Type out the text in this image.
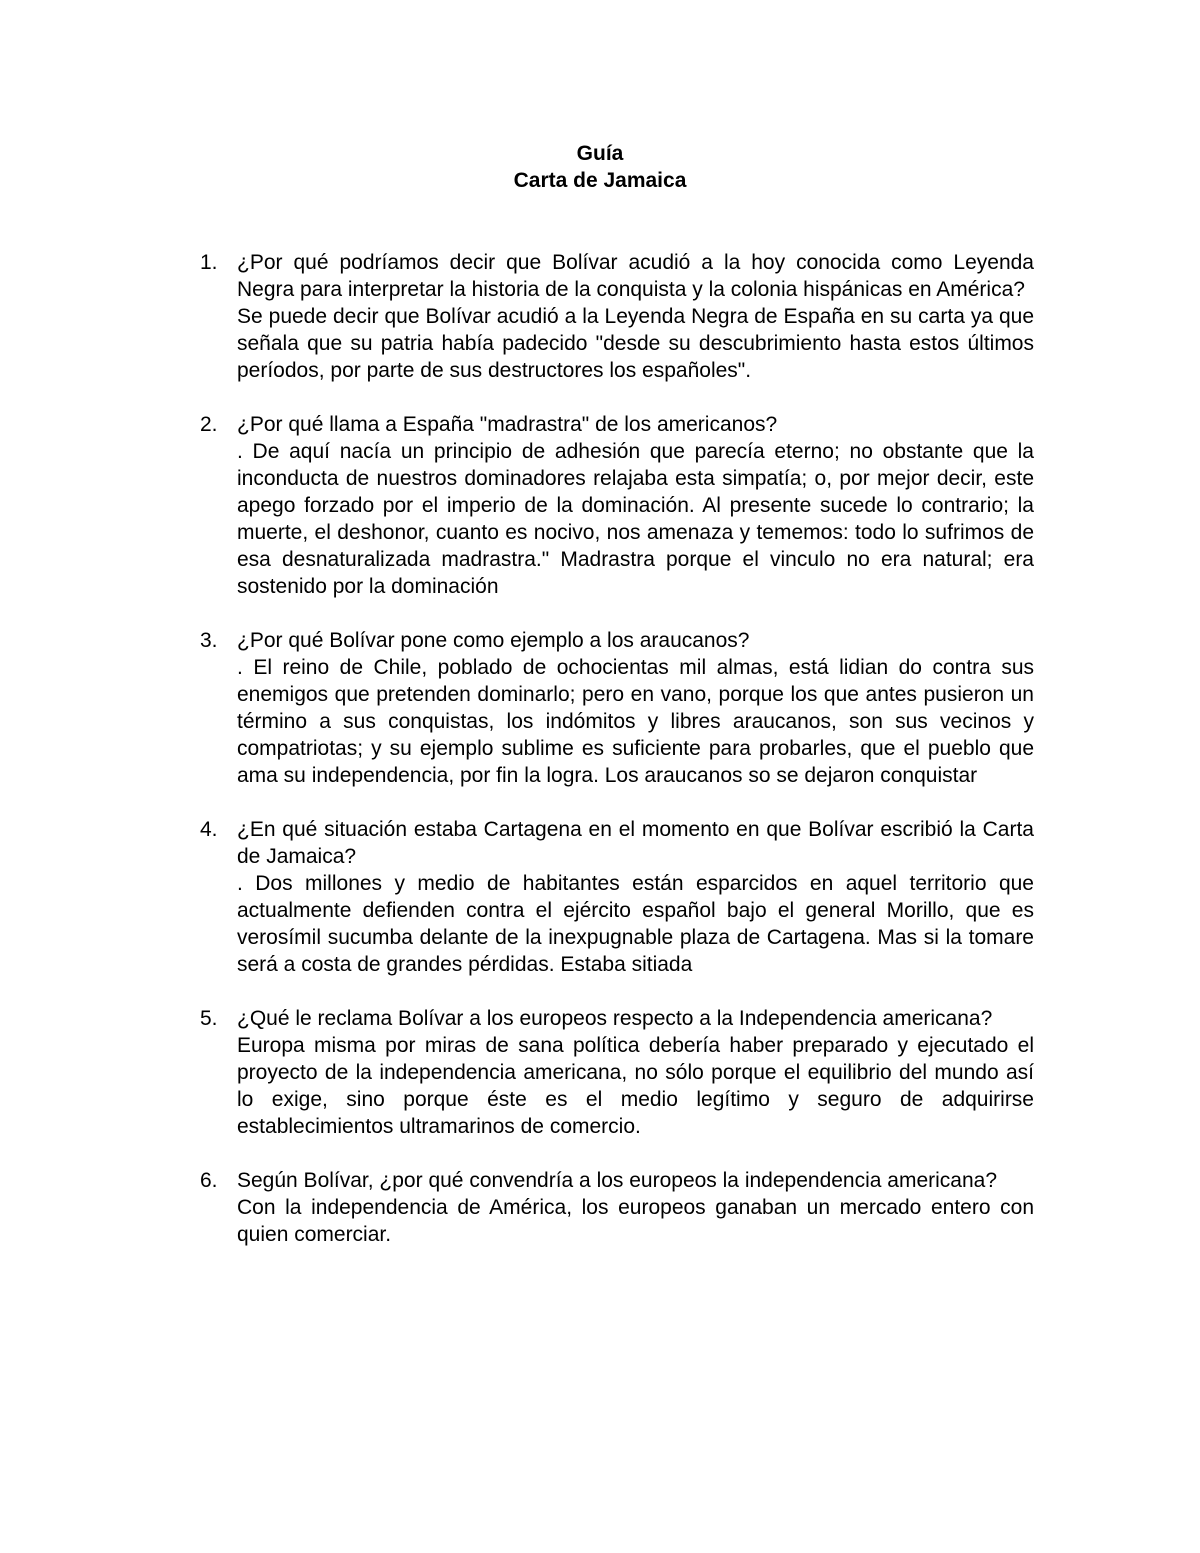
Guía
Carta de Jamaica
1. ¿Por qué podríamos decir que Bolívar acudió a la hoy conocida como Leyenda Negra para interpretar la historia de la conquista y la colonia hispánicas en América?
Se puede decir que Bolívar acudió a la Leyenda Negra de España en su carta ya que señala que su patria había padecido "desde su descubrimiento hasta estos últimos períodos, por parte de sus destructores los españoles".
2. ¿Por qué llama a España "madrastra" de los americanos?
. De aquí nacía un principio de adhesión que parecía eterno; no obstante que la inconducta de nuestros dominadores relajaba esta simpatía; o, por mejor decir, este apego forzado por el imperio de la dominación. Al presente sucede lo contrario; la muerte, el deshonor, cuanto es nocivo, nos amenaza y tememos: todo lo sufrimos de esa desnaturalizada madrastra." Madrastra porque el vinculo no era natural; era sostenido por la dominación
3. ¿Por qué Bolívar pone como ejemplo a los araucanos?
. El reino de Chile, poblado de ochocientas mil almas, está lidian do contra sus enemigos que pretenden dominarlo; pero en vano, porque los que antes pusieron un término a sus conquistas, los indómitos y libres araucanos, son sus vecinos y compatriotas; y su ejemplo sublime es suficiente para probarles, que el pueblo que ama su independencia, por fin la logra. Los araucanos so se dejaron conquistar
4. ¿En qué situación estaba Cartagena en el momento en que Bolívar escribió la Carta de Jamaica?
. Dos millones y medio de habitantes están esparcidos en aquel territorio que actualmente defienden contra el ejército español bajo el general Morillo, que es verosímil sucumba delante de la inexpugnable plaza de Cartagena. Mas si la tomare será a costa de grandes pérdidas. Estaba sitiada
5. ¿Qué le reclama Bolívar a los europeos respecto a la Independencia americana?
Europa misma por miras de sana política debería haber preparado y ejecutado el proyecto de la independencia americana, no sólo porque el equilibrio del mundo así lo exige, sino porque éste es el medio legítimo y seguro de adquirirse establecimientos ultramarinos de comercio.
6. Según Bolívar, ¿por qué convendría a los europeos la independencia americana?
Con la independencia de América, los europeos ganaban un mercado entero con quien comerciar.
